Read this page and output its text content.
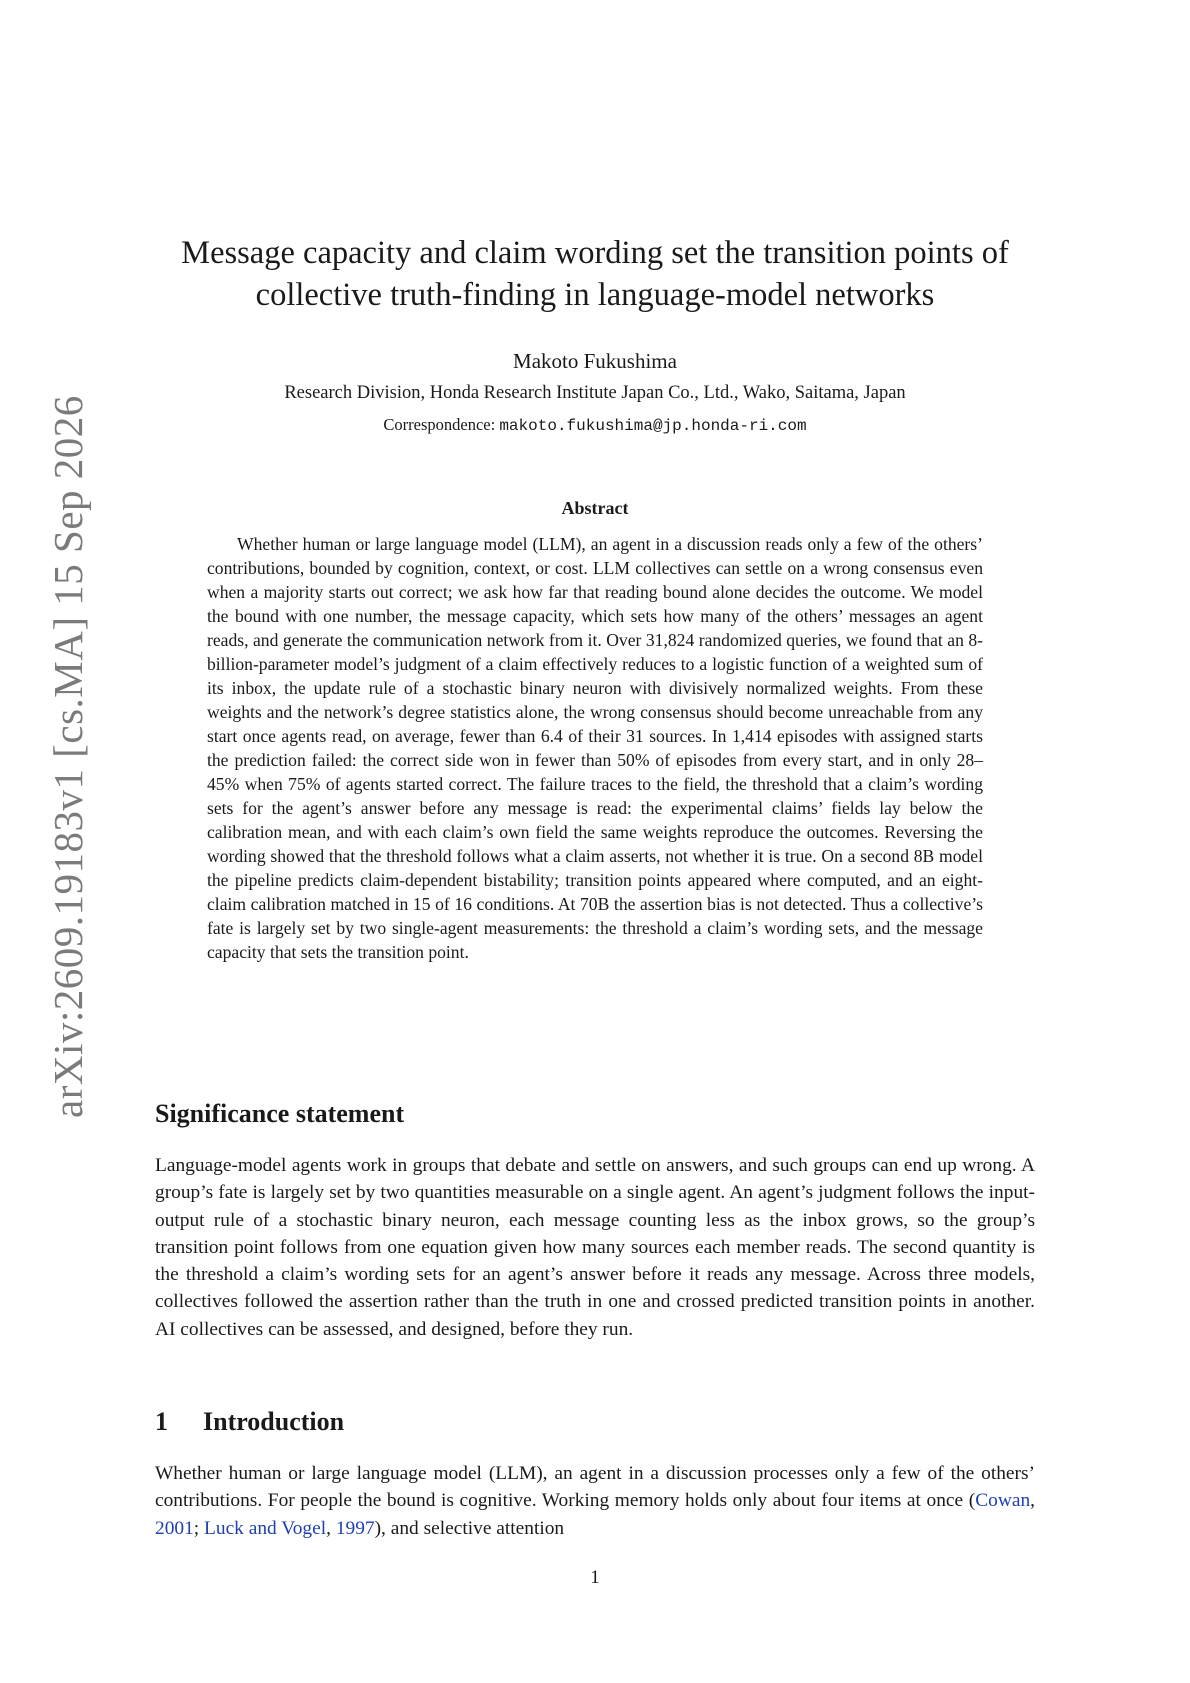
arXiv:2609.19183v1 [cs.MA] 15 Sep 2026
Message capacity and claim wording set the transition points of
collective truth-finding in language-model networks
Makoto Fukushima
Research Division, Honda Research Institute Japan Co., Ltd., Wako, Saitama, Japan
Correspondence: makoto.fukushima@jp.honda-ri.com
Abstract
Whether human or large language model (LLM), an agent in a discussion reads only a few of the others’ contributions, bounded by cognition, context, or cost. LLM collectives can settle on a wrong consensus even when a majority starts out correct; we ask how far that reading bound alone decides the outcome. We model the bound with one number, the message capacity, which sets how many of the others’ messages an agent reads, and generate the communication network from it. Over 31,824 randomized queries, we found that an 8-billion-parameter model’s judgment of a claim effectively reduces to a logistic function of a weighted sum of its inbox, the update rule of a stochastic binary neuron with divisively normalized weights. From these weights and the network’s degree statistics alone, the wrong consensus should become unreachable from any start once agents read, on average, fewer than 6.4 of their 31 sources. In 1,414 episodes with assigned starts the prediction failed: the correct side won in fewer than 50% of episodes from every start, and in only 28–45% when 75% of agents started correct. The failure traces to the field, the threshold that a claim’s wording sets for the agent’s answer before any message is read: the experimental claims’ fields lay below the calibration mean, and with each claim’s own field the same weights reproduce the outcomes. Reversing the wording showed that the threshold follows what a claim asserts, not whether it is true. On a second 8B model the pipeline predicts claim-dependent bistability; transition points appeared where computed, and an eight-claim calibration matched in 15 of 16 conditions. At 70B the assertion bias is not detected. Thus a collective’s fate is largely set by two single-agent measurements: the threshold a claim’s wording sets, and the message capacity that sets the transition point.
Significance statement
Language-model agents work in groups that debate and settle on answers, and such groups can end up wrong. A group’s fate is largely set by two quantities measurable on a single agent. An agent’s judgment follows the input-output rule of a stochastic binary neuron, each message counting less as the inbox grows, so the group’s transition point follows from one equation given how many sources each member reads. The second quantity is the threshold a claim’s wording sets for an agent’s answer before it reads any message. Across three models, collectives followed the assertion rather than the truth in one and crossed predicted transition points in another. AI collectives can be assessed, and designed, before they run.
1 Introduction
Whether human or large language model (LLM), an agent in a discussion processes only a few of the others’ contributions. For people the bound is cognitive. Working memory holds only about four items at once (Cowan, 2001; Luck and Vogel, 1997), and selective attention
1
